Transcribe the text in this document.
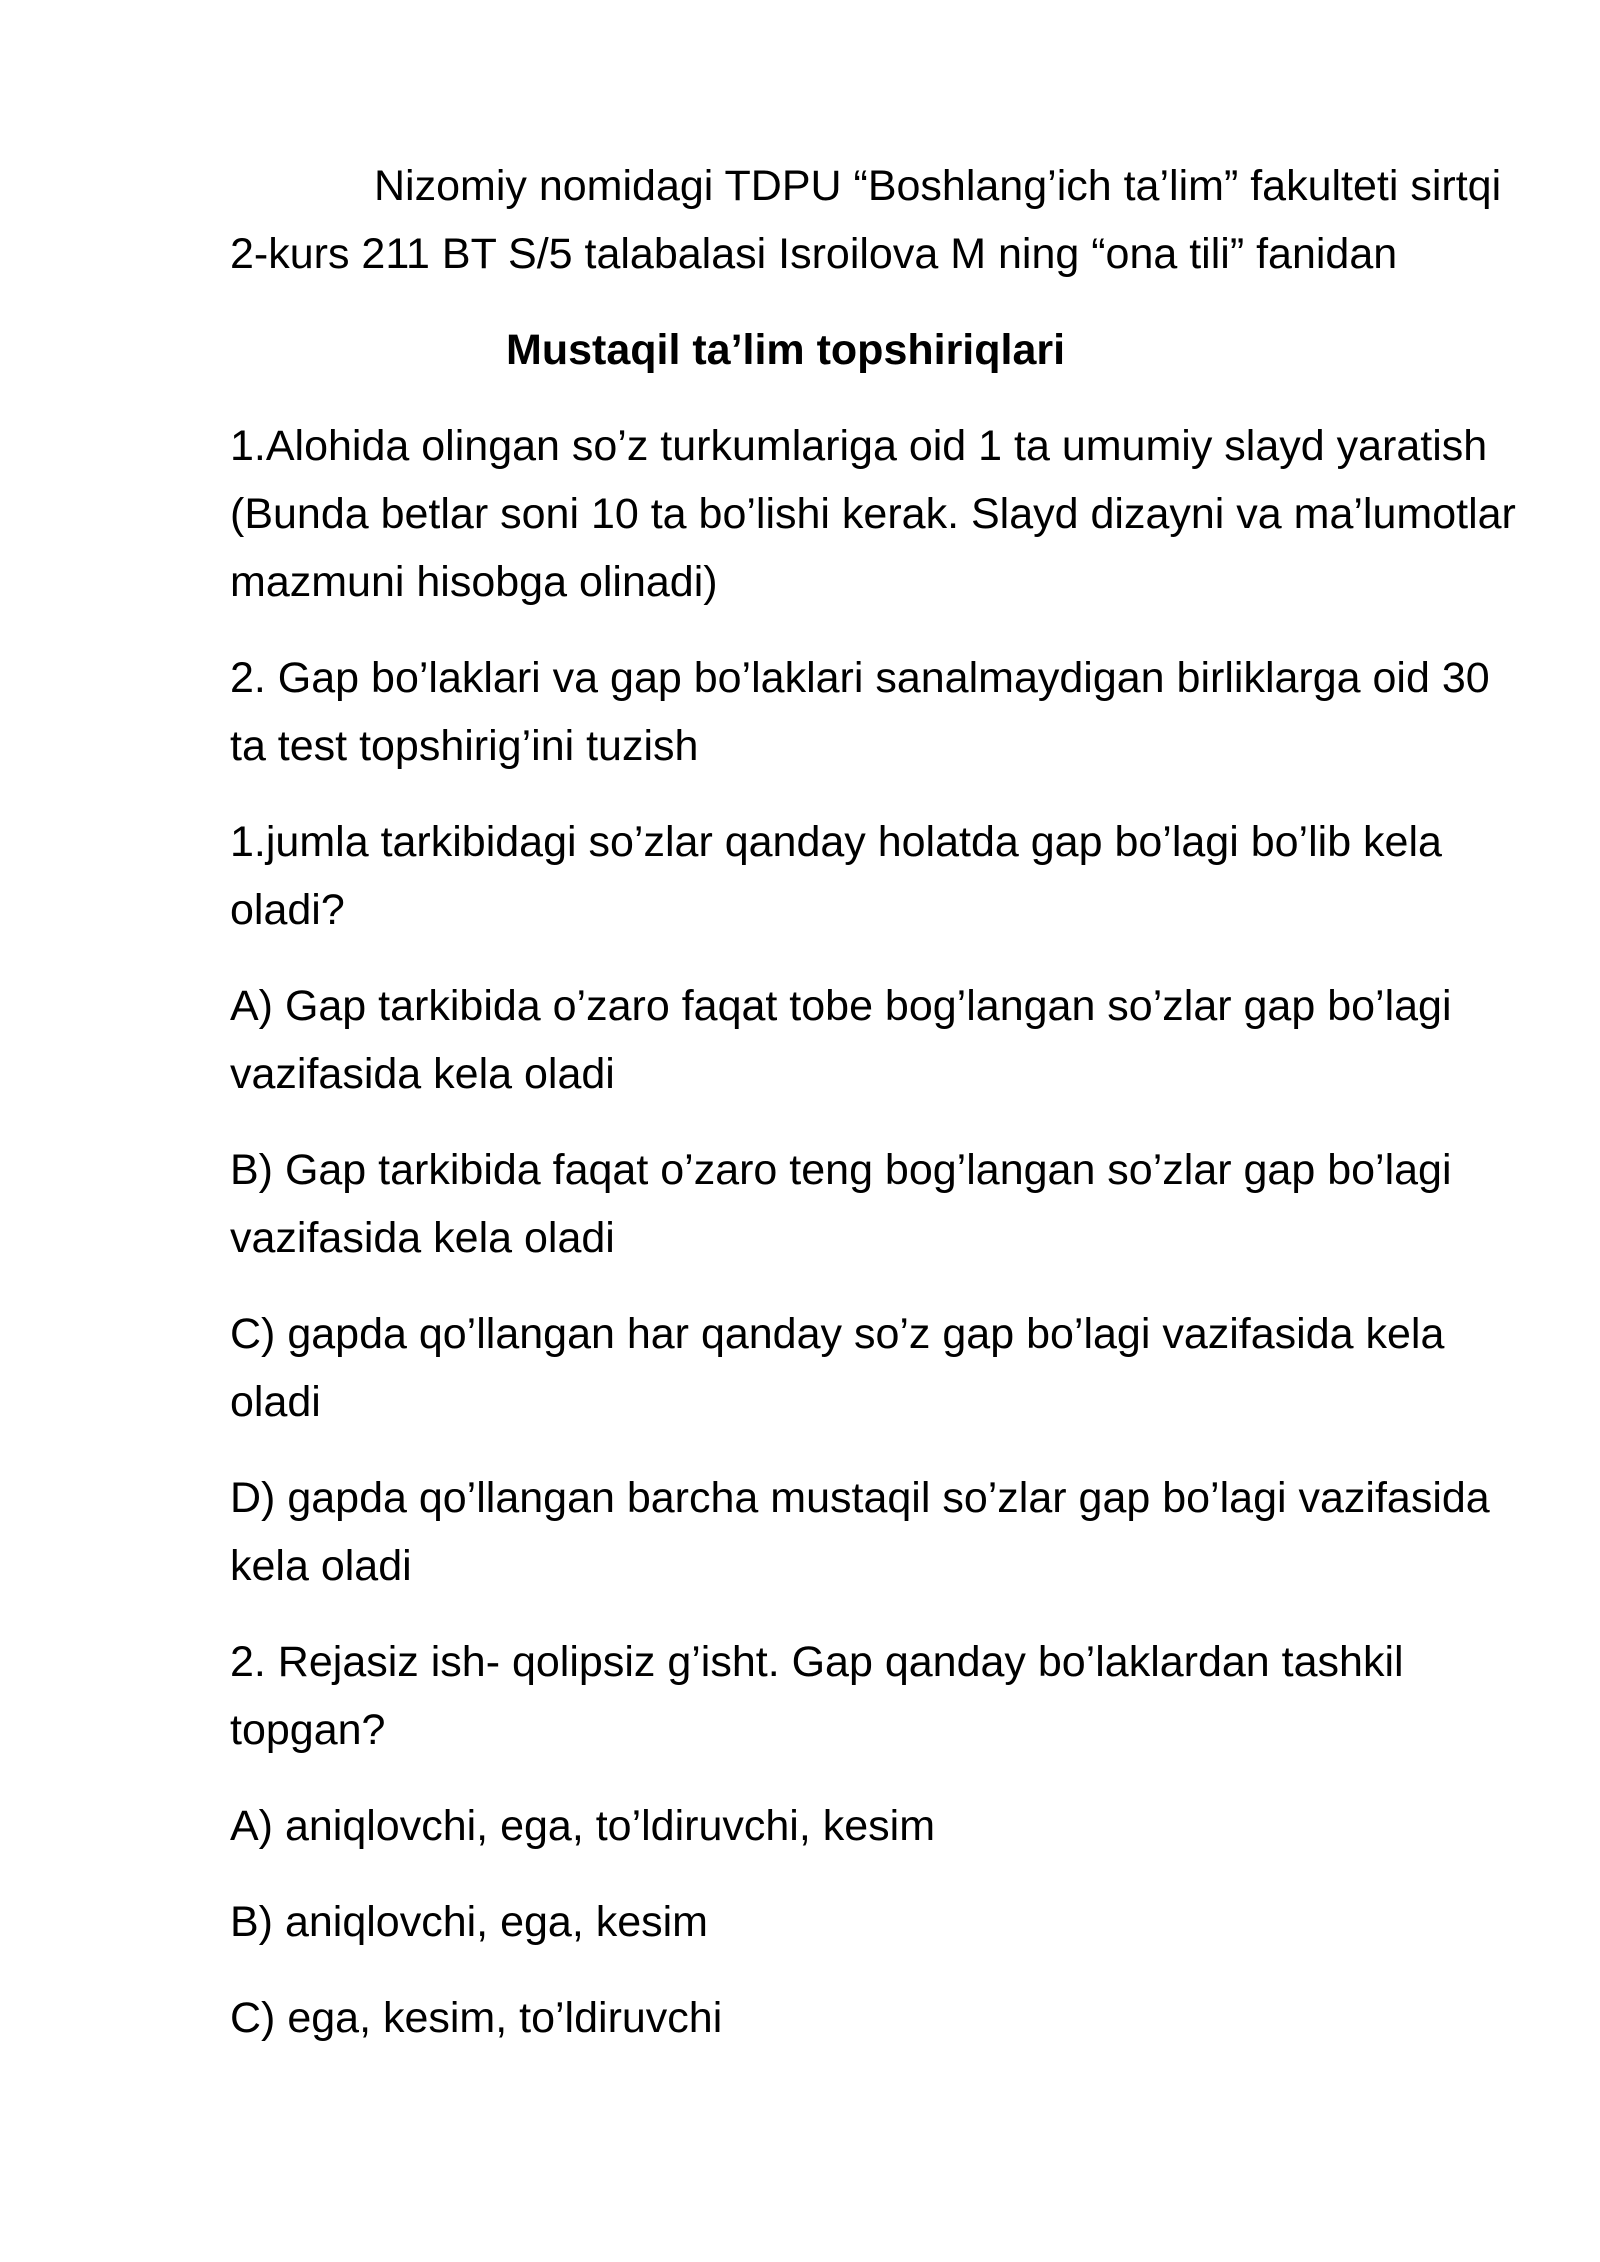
Nizomiy nomidagi TDPU “Boshlang’ich ta’lim” fakulteti sirtqi 2-kurs 211 BT S/5 talabalasi Isroilova M ning “ona tili” fanidan

Mustaqil ta’lim topshiriqlari

1.Alohida olingan so’z turkumlariga oid 1 ta umumiy slayd yaratish (Bunda betlar soni 10 ta bo’lishi kerak. Slayd dizayni va ma’lumotlar mazmuni hisobga olinadi)

2. Gap bo’laklari va gap bo’laklari sanalmaydigan birliklarga oid 30 ta test topshirig’ini tuzish

1.jumla tarkibidagi so’zlar qanday holatda gap bo’lagi bo’lib kela oladi?

A) Gap tarkibida o’zaro faqat tobe bog’langan so’zlar gap bo’lagi vazifasida kela oladi

B) Gap tarkibida faqat o’zaro teng bog’langan so’zlar gap bo’lagi vazifasida kela oladi

C) gapda qo’llangan har qanday so’z gap bo’lagi vazifasida kela oladi

D) gapda qo’llangan barcha mustaqil so’zlar gap bo’lagi vazifasida kela oladi

2. Rejasiz ish- qolipsiz g’isht. Gap qanday bo’laklardan tashkil topgan?

A) aniqlovchi, ega, to’ldiruvchi, kesim

B) aniqlovchi, ega, kesim

C) ega, kesim, to’ldiruvchi
